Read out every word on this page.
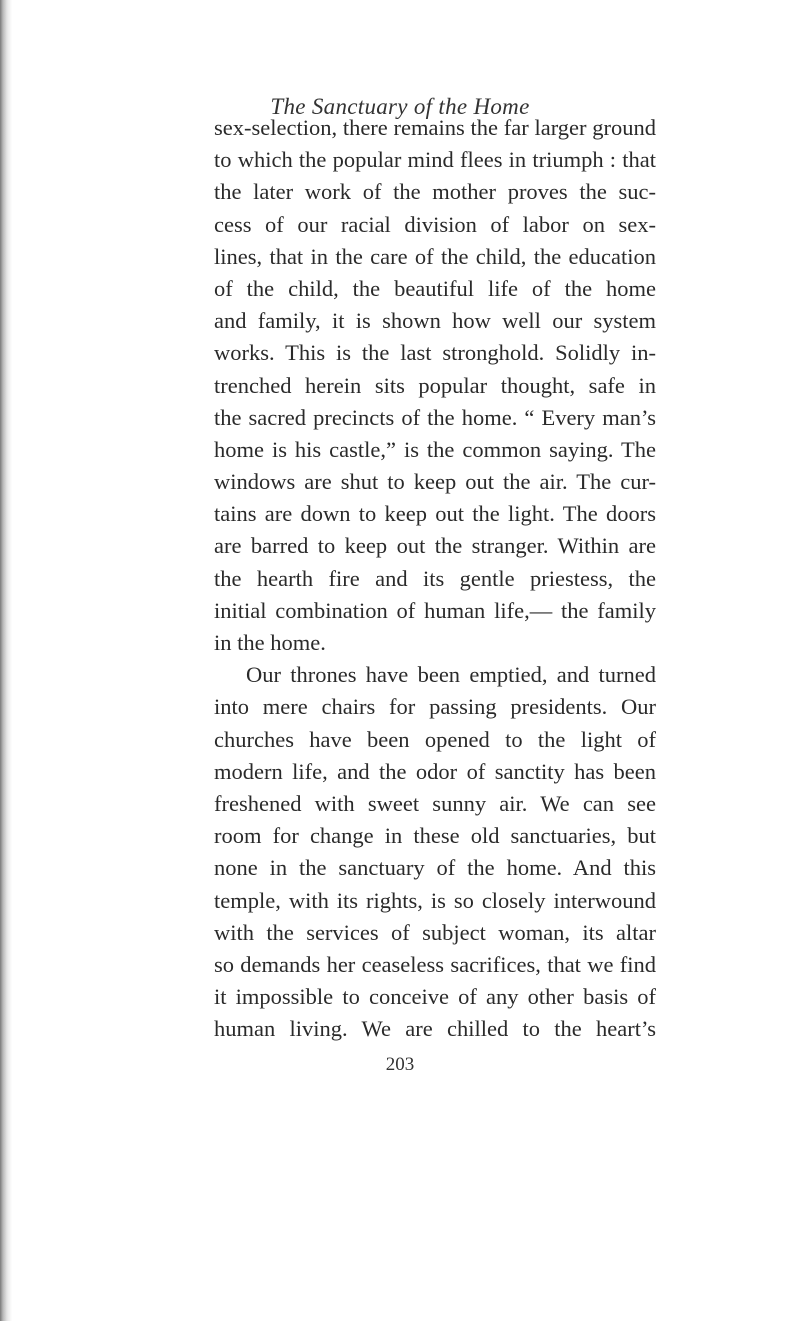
The Sanctuary of the Home
sex-selection, there remains the far larger ground
to which the popular mind flees in triumph : that
the later work of the mother proves the suc-
cess of our racial division of labor on sex-
lines, that in the care of the child, the education
of the child, the beautiful life of the home
and family, it is shown how well our system
works. This is the last stronghold. Solidly in-
trenched herein sits popular thought, safe in
the sacred precincts of the home. “ Every man’s
home is his castle,” is the common saying. The
windows are shut to keep out the air. The cur-
tains are down to keep out the light. The doors
are barred to keep out the stranger. Within are
the hearth fire and its gentle priestess, the
initial combination of human life,— the family
in the home.
Our thrones have been emptied, and turned
into mere chairs for passing presidents. Our
churches have been opened to the light of
modern life, and the odor of sanctity has been
freshened with sweet sunny air. We can see
room for change in these old sanctuaries, but
none in the sanctuary of the home. And this
temple, with its rights, is so closely interwound
with the services of subject woman, its altar
so demands her ceaseless sacrifices, that we find
it impossible to conceive of any other basis of
human living. We are chilled to the heart’s
203
